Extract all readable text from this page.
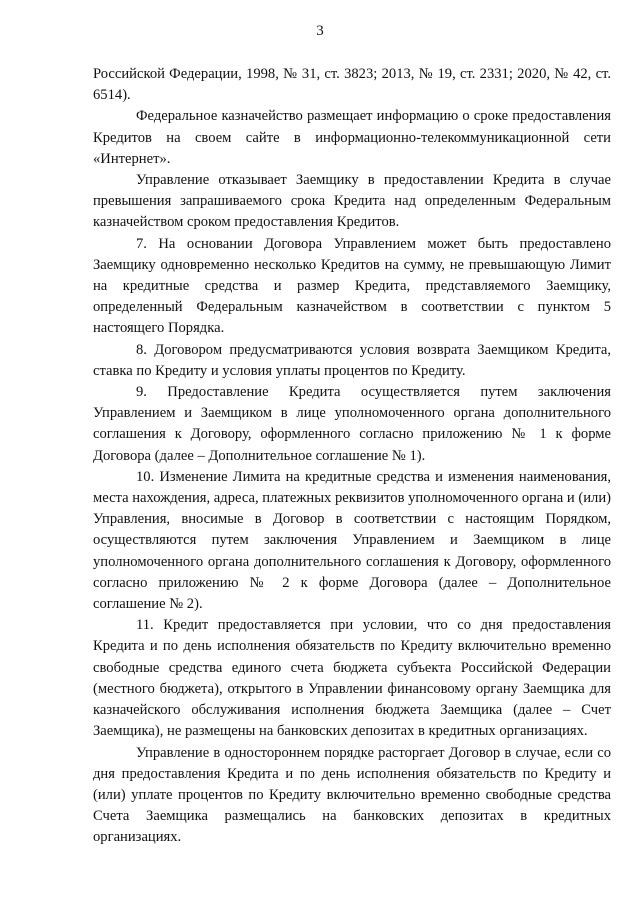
3

Российской Федерации, 1998, № 31, ст. 3823; 2013, № 19, ст. 2331; 2020, № 42, ст. 6514).

Федеральное казначейство размещает информацию о сроке предоставления Кредитов на своем сайте в информационно-телекоммуникационной сети «Интернет».

Управление отказывает Заемщику в предоставлении Кредита в случае превышения запрашиваемого срока Кредита над определенным Федеральным казначейством сроком предоставления Кредитов.

7. На основании Договора Управлением может быть предоставлено Заемщику одновременно несколько Кредитов на сумму, не превышающую Лимит на кредитные средства и размер Кредита, представляемого Заемщику, определенный Федеральным казначейством в соответствии с пунктом 5 настоящего Порядка.

8. Договором предусматриваются условия возврата Заемщиком Кредита, ставка по Кредиту и условия уплаты процентов по Кредиту.

9. Предоставление Кредита осуществляется путем заключения Управлением и Заемщиком в лице уполномоченного органа дополнительного соглашения к Договору, оформленного согласно приложению № 1 к форме Договора (далее – Дополнительное соглашение № 1).

10. Изменение Лимита на кредитные средства и изменения наименования, места нахождения, адреса, платежных реквизитов уполномоченного органа и (или) Управления, вносимые в Договор в соответствии с настоящим Порядком, осуществляются путем заключения Управлением и Заемщиком в лице уполномоченного органа дополнительного соглашения к Договору, оформленного согласно приложению № 2 к форме Договора (далее – Дополнительное соглашение № 2).

11. Кредит предоставляется при условии, что со дня предоставления Кредита и по день исполнения обязательств по Кредиту включительно временно свободные средства единого счета бюджета субъекта Российской Федерации (местного бюджета), открытого в Управлении финансовому органу Заемщика для казначейского обслуживания исполнения бюджета Заемщика (далее – Счет Заемщика), не размещены на банковских депозитах в кредитных организациях.

Управление в одностороннем порядке расторгает Договор в случае, если со дня предоставления Кредита и по день исполнения обязательств по Кредиту и (или) уплате процентов по Кредиту включительно временно свободные средства Счета Заемщика размещались на банковских депозитах в кредитных организациях.
